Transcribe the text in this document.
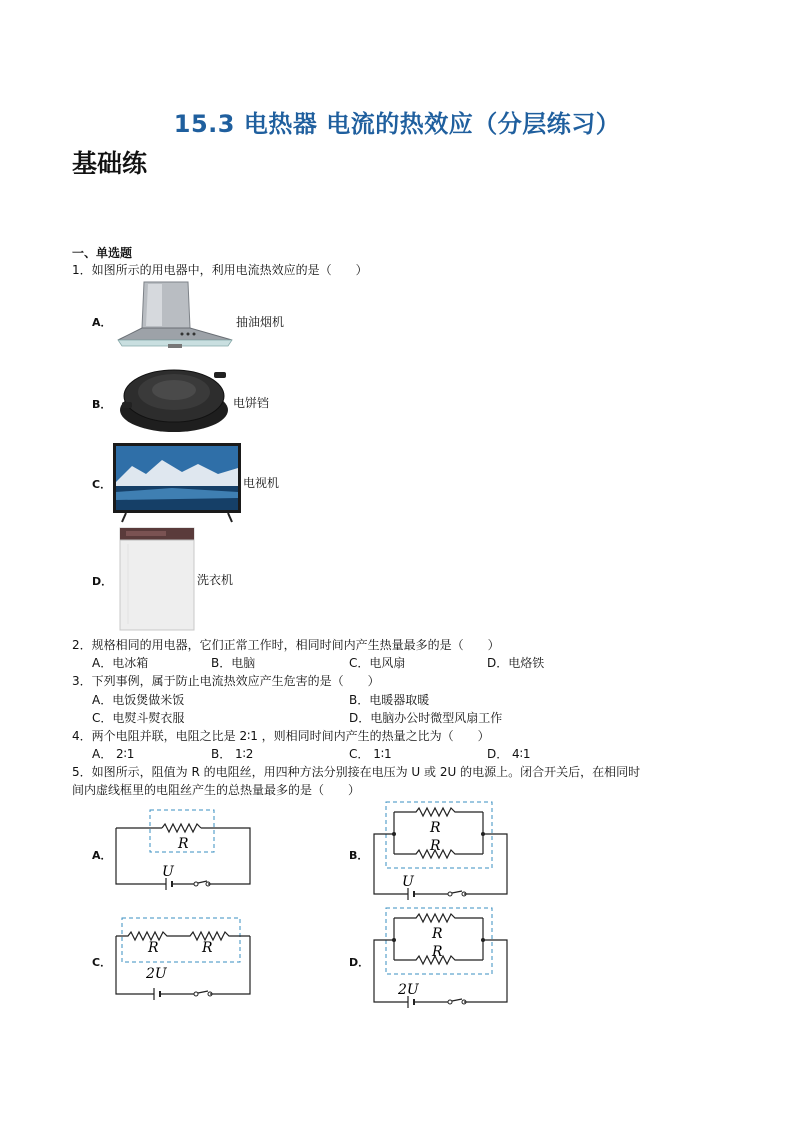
15.3 电热器 电流的热效应（分层练习）
基础练
一、单选题
1．如图所示的用电器中，利用电流热效应的是（　　）
A．	抽油烟机
B．	电饼铛
C．	电视机
D．	洗衣机
2．规格相同的用电器，它们正常工作时，相同时间内产生热量最多的是（　　）
A．电冰箱	B．电脑	C．电风扇	D．电烙铁
3．下列事例，属于防止电流热效应产生危害的是（　　）
A．电饭煲做米饭	B．电暖器取暖
C．电熨斗熨衣服	D．电脑办公时微型风扇工作
4．两个电阻并联，电阻之比是 2∶1 ，则相同时间内产生的热量之比为（　　）
A． 2∶1	B． 1∶2	C． 1∶1	D． 4∶1
5．如图所示，阻值为 R 的电阻丝，用四种方法分别接在电压为 U 或 2U 的电源上。闭合开关后，在相同时
间内虚线框里的电阻丝产生的总热量最多的是（　　）
A．
R
U
B．
R
R
U
C．
R	R
2U
D．
R
R
2U
